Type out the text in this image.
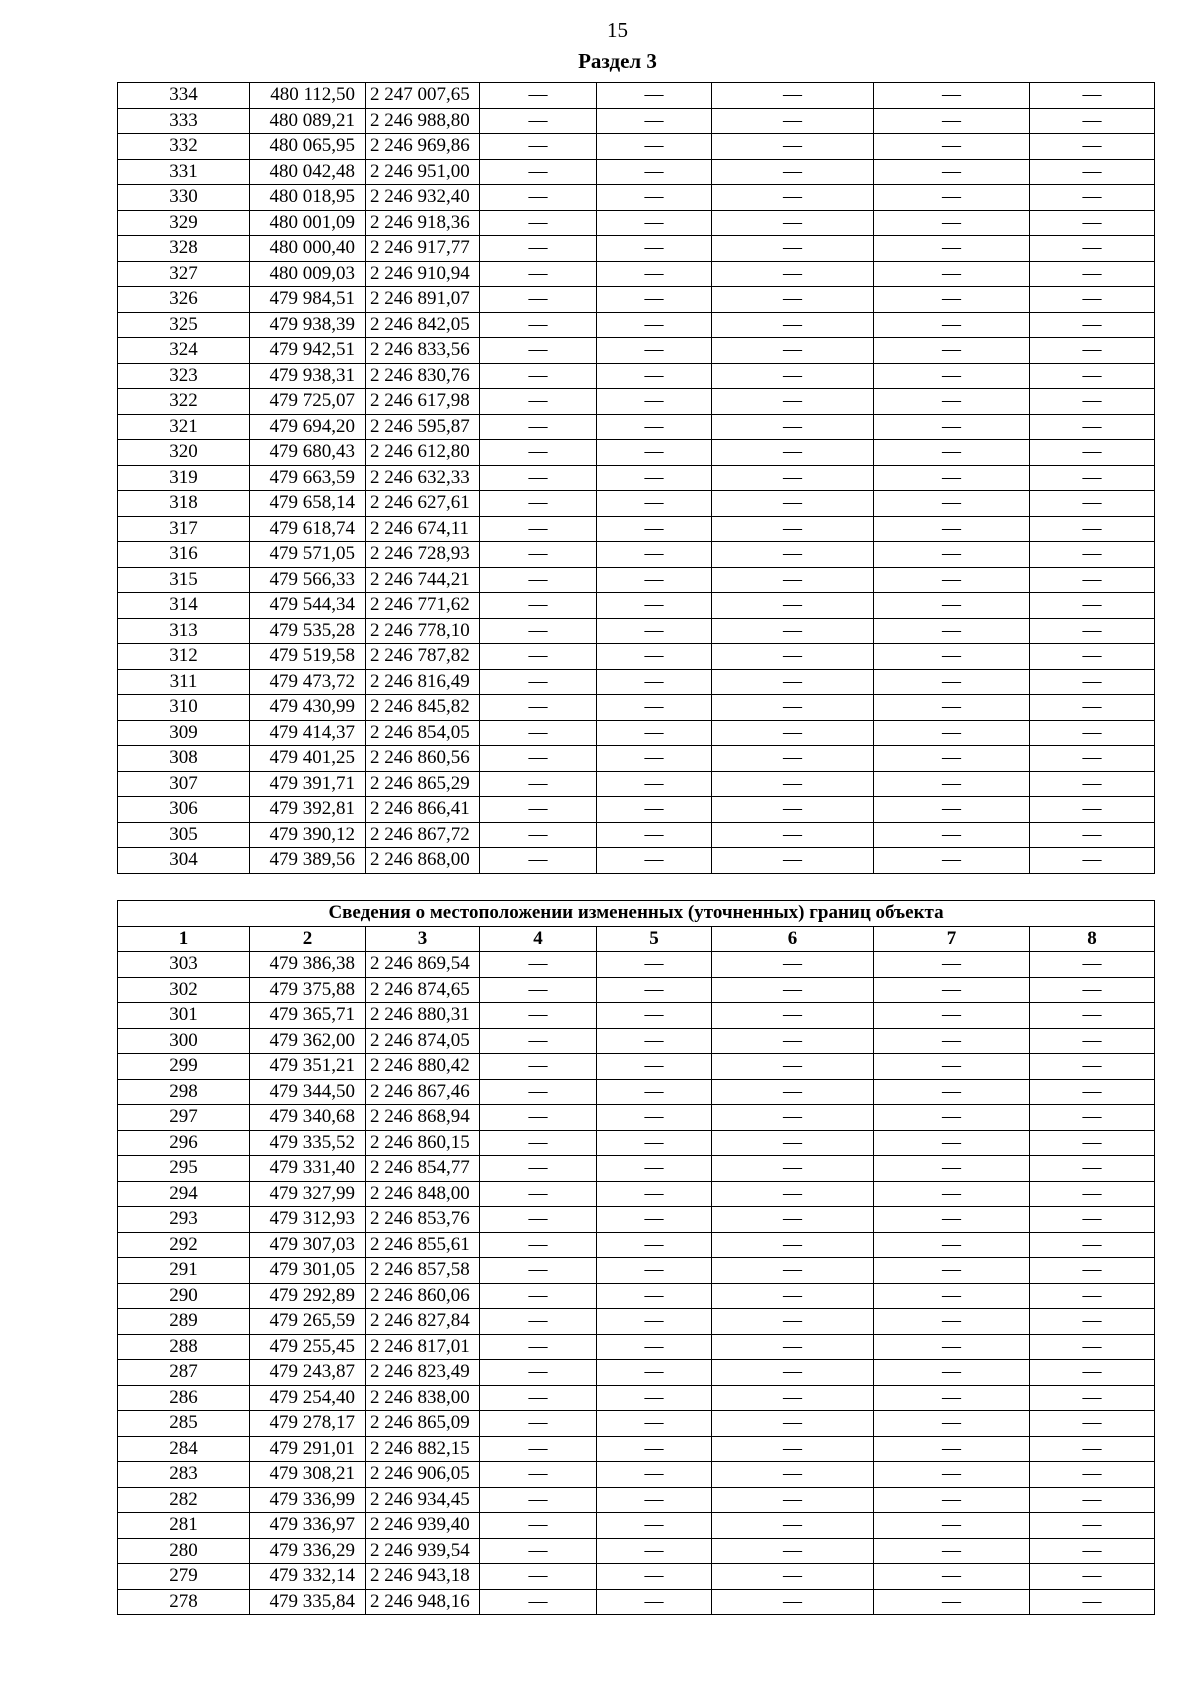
15
Раздел 3
334	480 112,50	2 247 007,65	—	—	—	—	—
333	480 089,21	2 246 988,80	—	—	—	—	—
332	480 065,95	2 246 969,86	—	—	—	—	—
331	480 042,48	2 246 951,00	—	—	—	—	—
330	480 018,95	2 246 932,40	—	—	—	—	—
329	480 001,09	2 246 918,36	—	—	—	—	—
328	480 000,40	2 246 917,77	—	—	—	—	—
327	480 009,03	2 246 910,94	—	—	—	—	—
326	479 984,51	2 246 891,07	—	—	—	—	—
325	479 938,39	2 246 842,05	—	—	—	—	—
324	479 942,51	2 246 833,56	—	—	—	—	—
323	479 938,31	2 246 830,76	—	—	—	—	—
322	479 725,07	2 246 617,98	—	—	—	—	—
321	479 694,20	2 246 595,87	—	—	—	—	—
320	479 680,43	2 246 612,80	—	—	—	—	—
319	479 663,59	2 246 632,33	—	—	—	—	—
318	479 658,14	2 246 627,61	—	—	—	—	—
317	479 618,74	2 246 674,11	—	—	—	—	—
316	479 571,05	2 246 728,93	—	—	—	—	—
315	479 566,33	2 246 744,21	—	—	—	—	—
314	479 544,34	2 246 771,62	—	—	—	—	—
313	479 535,28	2 246 778,10	—	—	—	—	—
312	479 519,58	2 246 787,82	—	—	—	—	—
311	479 473,72	2 246 816,49	—	—	—	—	—
310	479 430,99	2 246 845,82	—	—	—	—	—
309	479 414,37	2 246 854,05	—	—	—	—	—
308	479 401,25	2 246 860,56	—	—	—	—	—
307	479 391,71	2 246 865,29	—	—	—	—	—
306	479 392,81	2 246 866,41	—	—	—	—	—
305	479 390,12	2 246 867,72	—	—	—	—	—
304	479 389,56	2 246 868,00	—	—	—	—	—
Сведения о местоположении измененных (уточненных) границ объекта							
1	2	3	4	5	6	7	8
303	479 386,38	2 246 869,54	—	—	—	—	—
302	479 375,88	2 246 874,65	—	—	—	—	—
301	479 365,71	2 246 880,31	—	—	—	—	—
300	479 362,00	2 246 874,05	—	—	—	—	—
299	479 351,21	2 246 880,42	—	—	—	—	—
298	479 344,50	2 246 867,46	—	—	—	—	—
297	479 340,68	2 246 868,94	—	—	—	—	—
296	479 335,52	2 246 860,15	—	—	—	—	—
295	479 331,40	2 246 854,77	—	—	—	—	—
294	479 327,99	2 246 848,00	—	—	—	—	—
293	479 312,93	2 246 853,76	—	—	—	—	—
292	479 307,03	2 246 855,61	—	—	—	—	—
291	479 301,05	2 246 857,58	—	—	—	—	—
290	479 292,89	2 246 860,06	—	—	—	—	—
289	479 265,59	2 246 827,84	—	—	—	—	—
288	479 255,45	2 246 817,01	—	—	—	—	—
287	479 243,87	2 246 823,49	—	—	—	—	—
286	479 254,40	2 246 838,00	—	—	—	—	—
285	479 278,17	2 246 865,09	—	—	—	—	—
284	479 291,01	2 246 882,15	—	—	—	—	—
283	479 308,21	2 246 906,05	—	—	—	—	—
282	479 336,99	2 246 934,45	—	—	—	—	—
281	479 336,97	2 246 939,40	—	—	—	—	—
280	479 336,29	2 246 939,54	—	—	—	—	—
279	479 332,14	2 246 943,18	—	—	—	—	—
278	479 335,84	2 246 948,16	—	—	—	—	—
